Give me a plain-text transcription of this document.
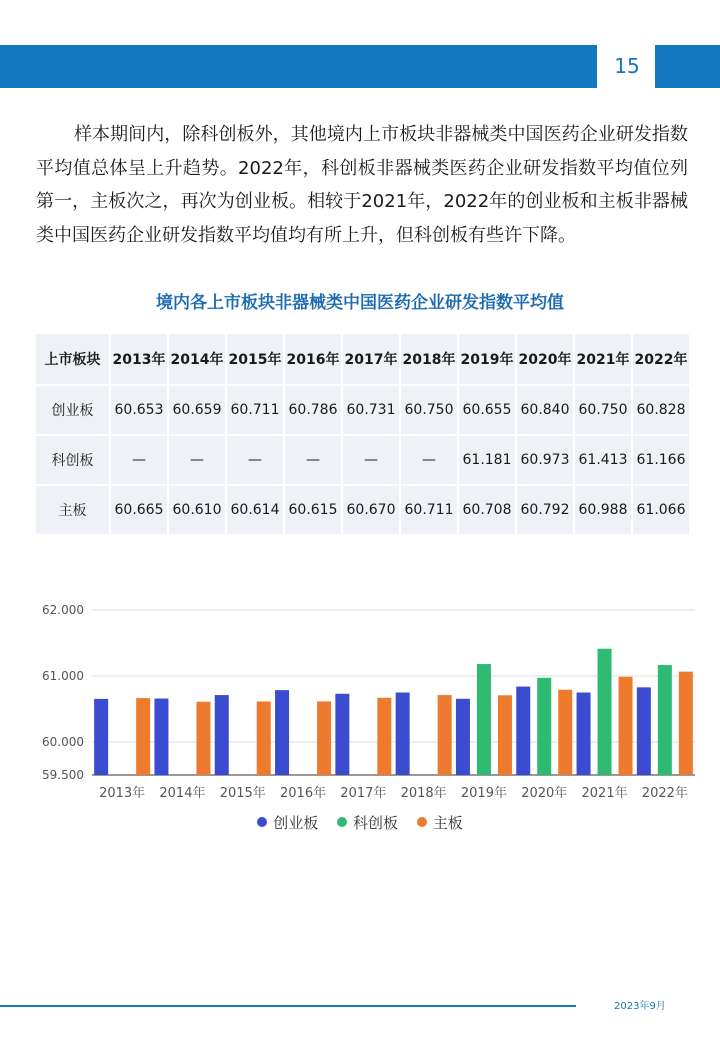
15

样本期间内，除科创板外，其他境内上市板块非器械类中国医药企业研发指数平均值总体呈上升趋势。2022年，科创板非器械类医药企业研发指数平均值位列第一，主板次之，再次为创业板。相较于2021年，2022年的创业板和主板非器械类中国医药企业研发指数平均值均有所上升，但科创板有些许下降。

境内各上市板块非器械类中国医药企业研发指数平均值
上市板块	2013年	2014年	2015年	2016年	2017年	2018年	2019年	2020年	2021年	2022年
创业板	60.653	60.659	60.711	60.786	60.731	60.750	60.655	60.840	60.750	60.828
科创板	—	—	—	—	—	—	61.181	60.973	61.413	61.166
主板	60.665	60.610	60.614	60.615	60.670	60.711	60.708	60.792	60.988	61.066
59.500
60.000
61.000
62.000
2013年 2014年 2015年 2016年 2017年 2018年 2019年 2020年 2021年 2022年
创业板 科创板 主板
2023年9月
